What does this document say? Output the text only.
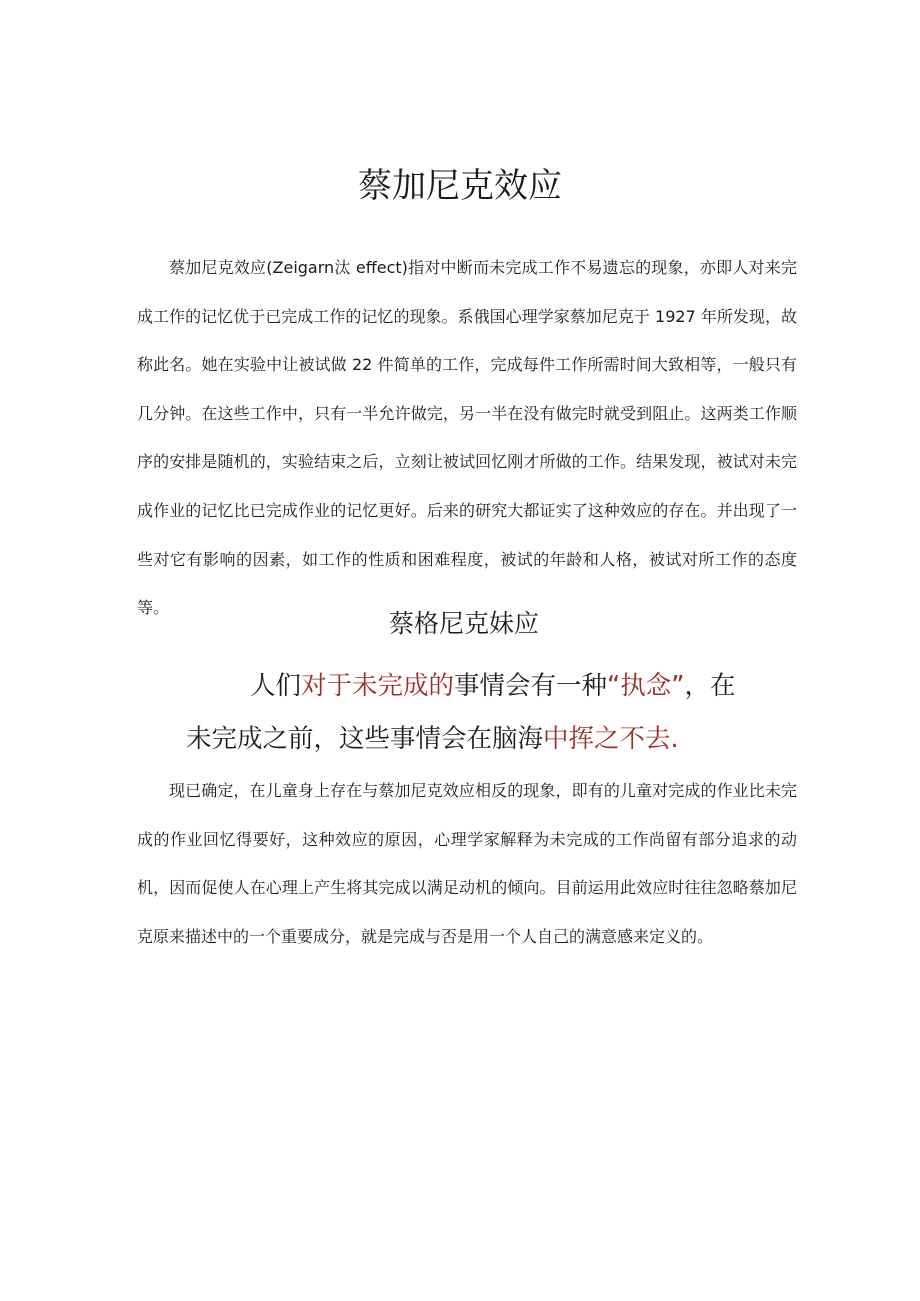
蔡加尼克效应

蔡加尼克效应(Zeigarn汰 effect)指对中断而未完成工作不易遗忘的现象，亦即人对来完成工作的记忆优于已完成工作的记忆的现象。系俄国心理学家蔡加尼克于 1927 年所发现，故称此名。她在实验中让被试做 22 件简单的工作，完成每件工作所需时间大致相等，一般只有几分钟。在这些工作中，只有一半允许做完，另一半在没有做完时就受到阻止。这两类工作顺序的安排是随机的，实验结束之后，立刻让被试回忆刚才所做的工作。结果发现，被试对未完成作业的记忆比已完成作业的记忆更好。后来的研究大都证实了这种效应的存在。并出现了一些对它有影响的因素，如工作的性质和困难程度，被试的年龄和人格，被试对所工作的态度等。

蔡格尼克妹应
人们对于未完成的事情会有一种“执念”，在
未完成之前，这些事情会在脑海中挥之不去.

现已确定，在儿童身上存在与蔡加尼克效应相反的现象，即有的儿童对完成的作业比未完成的作业回忆得要好，这种效应的原因，心理学家解释为未完成的工作尚留有部分追求的动机，因而促使人在心理上产生将其完成以满足动机的倾向。目前运用此效应时往往忽略蔡加尼克原来描述中的一个重要成分，就是完成与否是用一个人自己的满意感来定义的。
